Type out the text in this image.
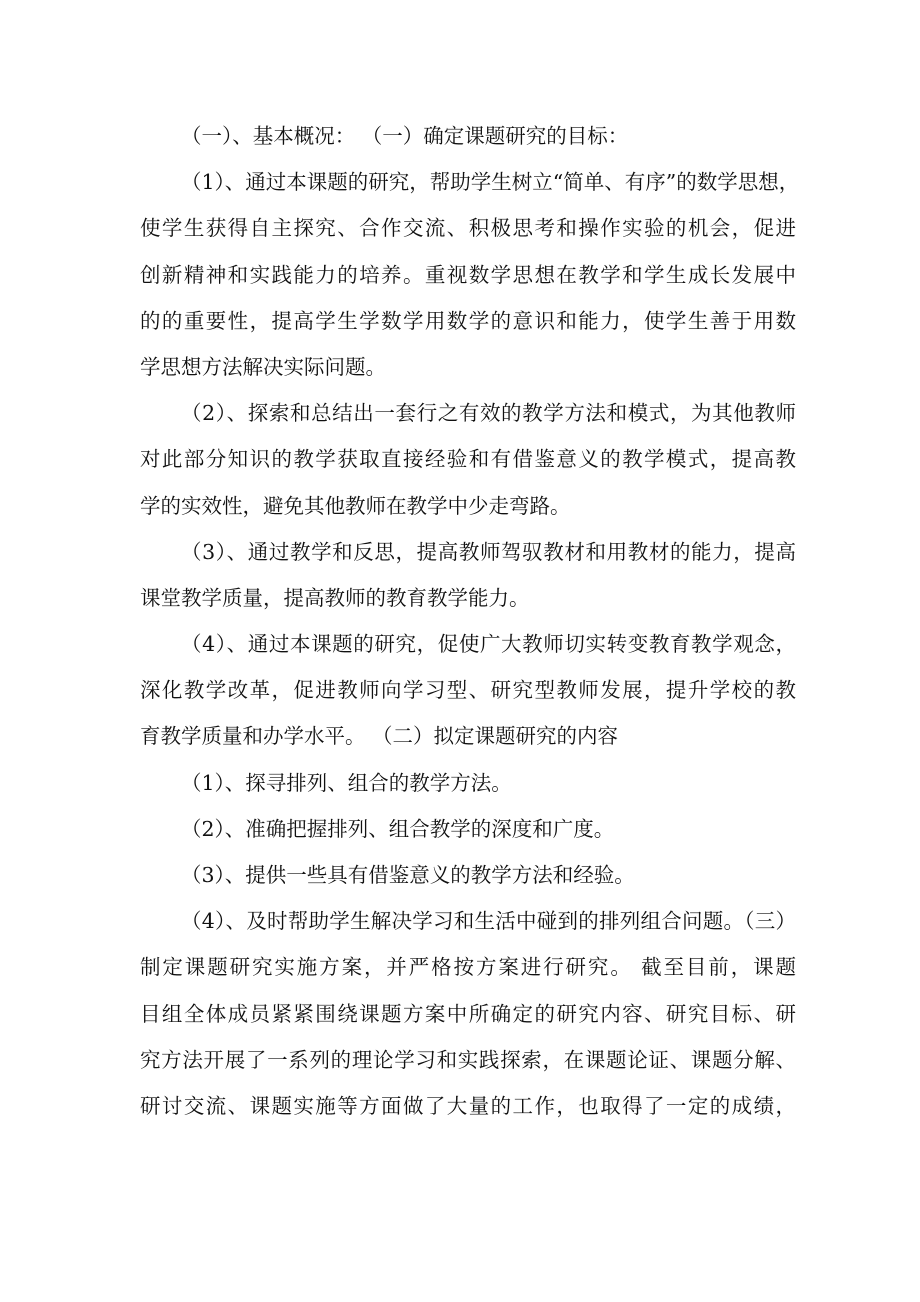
（一）、基本概况： （一）确定课题研究的目标：
（1）、通过本课题的研究，帮助学生树立“简单、有序”的数学思想，
使学生获得自主探究、合作交流、积极思考和操作实验的机会，促进
创新精神和实践能力的培养。重视数学思想在教学和学生成长发展中
的的重要性，提高学生学数学用数学的意识和能力，使学生善于用数
学思想方法解决实际问题。
（2）、探索和总结出一套行之有效的教学方法和模式，为其他教师
对此部分知识的教学获取直接经验和有借鉴意义的教学模式，提高教
学的实效性，避免其他教师在教学中少走弯路。
（3）、通过教学和反思，提高教师驾驭教材和用教材的能力，提高
课堂教学质量，提高教师的教育教学能力。
（4）、通过本课题的研究，促使广大教师切实转变教育教学观念，
深化教学改革，促进教师向学习型、研究型教师发展，提升学校的教
育教学质量和办学水平。 （二）拟定课题研究的内容
（1）、探寻排列、组合的教学方法。
（2）、准确把握排列、组合教学的深度和广度。
（3）、提供一些具有借鉴意义的教学方法和经验。
（4）、及时帮助学生解决学习和生活中碰到的排列组合问题。（三）
制定课题研究实施方案，并严格按方案进行研究。 截至目前，课题
目组全体成员紧紧围绕课题方案中所确定的研究内容、研究目标、研
究方法开展了一系列的理论学习和实践探索，在课题论证、课题分解、
研讨交流、课题实施等方面做了大量的工作，也取得了一定的成绩，
